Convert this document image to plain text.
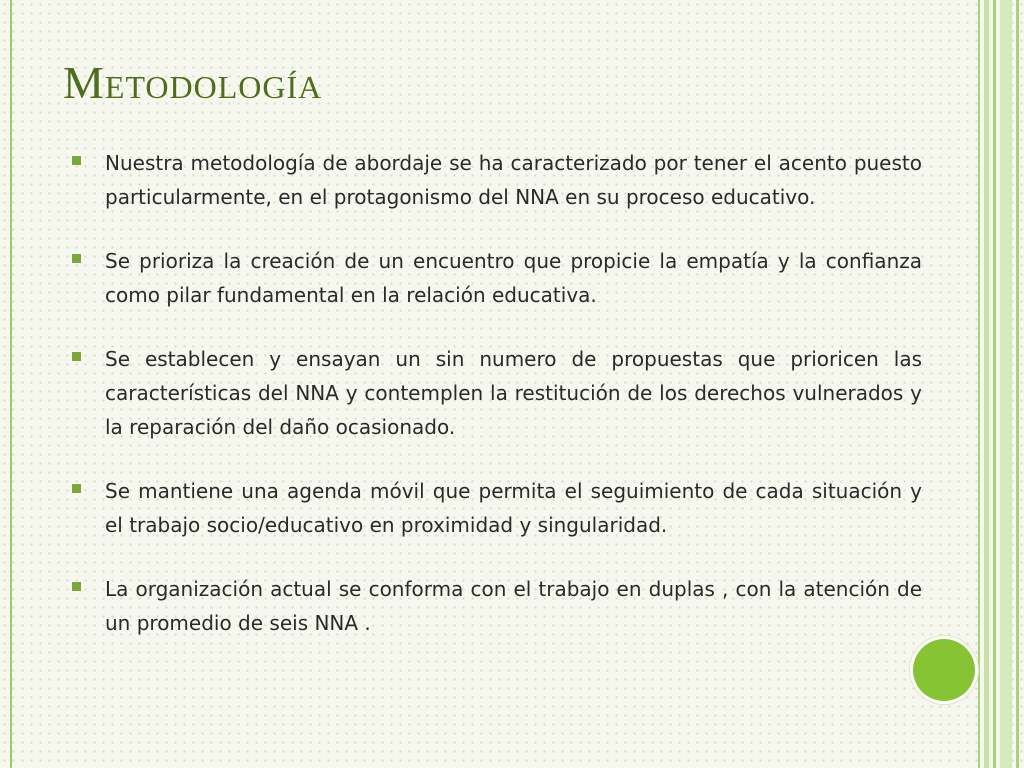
Metodología
Nuestra metodología de abordaje se ha caracterizado por tener el acento puesto particularmente, en el protagonismo del NNA en su proceso educativo.
Se prioriza la creación de un encuentro que propicie la empatía y la confianza como pilar fundamental en la relación educativa.
Se establecen y ensayan un sin numero de propuestas que prioricen las características del NNA y contemplen la restitución de los derechos vulnerados y la reparación del daño ocasionado.
Se mantiene una agenda móvil que permita el seguimiento de cada situación y el trabajo socio/educativo en proximidad y singularidad.
La organización actual se conforma con el trabajo en duplas , con la atención de un promedio de seis NNA .
